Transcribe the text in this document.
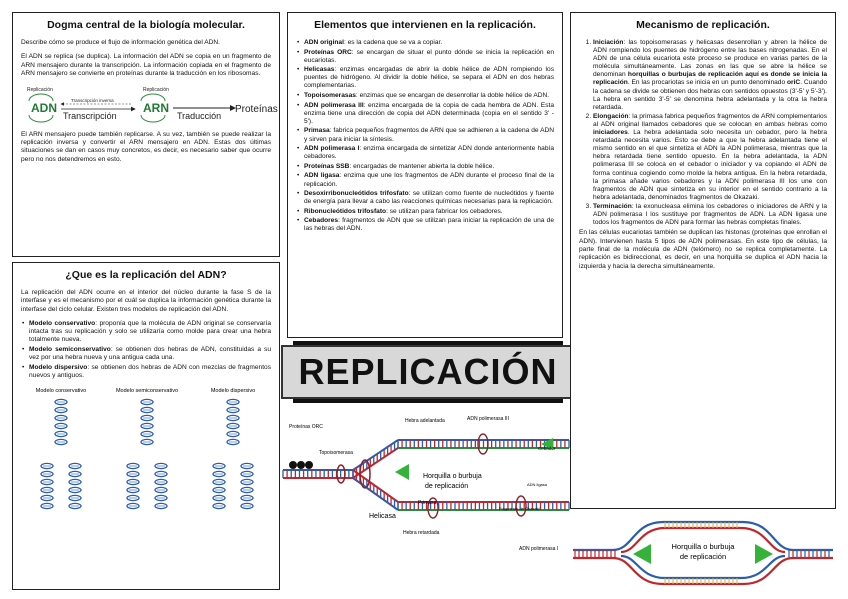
Dogma central de la biología molecular.

Describe cómo se produce el flujo de información genética del ADN.

El ADN se replica (se duplica). La información del ADN se copia en un fragmento de ARN mensajero durante la transcripción. La información copiada en el fragmento de ARN mensajero se convierte en proteínas durante la traducción en los ribosomas.

Replicación	Replicación
ADN
Transcripción inversa
Transcripción
ARN
Traducción
Proteínas

El ARN mensajero puede también replicarse. A su vez, también se puede realizar la replicación inversa y convertir el ARN mensajero en ADN. Estas dos últimas situaciones se dan en casos muy concretos, es decir, es necesario saber que ocurre pero no nos detendremos en esto.

¿Que es la replicación del ADN?

La replicación del ADN ocurre en el interior del núcleo durante la fase S de la interfase y es el mecanismo por el cuál se duplica la información genética durante la interfase del ciclo celular. Existen tres modelos de replicación del ADN.

• Modelo conservativo: proponía que la molécula de ADN original se conservaría intacta tras su replicación y solo se utilizaría como molde para crear una hebra totalmente nueva.
• Modelo semiconservativo: se obtienen dos hebras de ADN, constituidas a su vez por una hebra nueva y una antigua cada una.
• Modelo dispersivo: se obtienen dos hebras de ADN con mezclas de fragmentos nuevos y antiguos.
Modelo conservativo	Modelo semiconservativo	Modelo dispersivo
Elementos que intervienen en la replicación.
• ADN original: es la cadena que se va a copiar.
• Proteínas ORC: se encargan de situar el punto dónde se inicia la replicación en eucariotas.
• Helicasas: enzimas encargadas de abrir la doble hélice de ADN rompiendo los puentes de hidrógeno. Al dividir la doble hélice, se separa el ADN en dos hebras complementarias.
• Topoisomerasas: enzimas que se encargan de desenrollar la doble hélice de ADN.
• ADN polimerasa III: enzima encargada de la copia de cada hembra de ADN. Esta enzima tiene una dirección de copia del ADN determinada (copia en el sentido 3' - 5').
• Primasa: fabrica pequeños fragmentos de ARN que se adhieren a la cadena de ADN y sirven para iniciar la síntesis.
• ADN polimerasa I: enzima encargada de sintetizar ADN donde anteriormente había cebadores.
• Proteínas SSB: encargadas de mantener abierta la doble hélice.
• ADN ligasa: enzima que une los fragmentos de ADN durante el proceso final de la replicación.
• Desoxirribonucleótidos trifosfato: se utilizan como fuente de nucleótidos y fuente de energía para llevar a cabo las reacciones químicas necesarias para la replicación.
• Ribonucleótidos trifosfato: se utilizan para fabricar los cebadores.
• Cebadores: fragmentos de ADN que se utilizan para iniciar la replicación de una de las hebras del ADN.
REPLICACIÓN
Proteínas ORC
Topoisomerasa
Hebra adelantada	ADN polimerasa III
Cebador
Horquilla o burbuja
de replicación
Helicasa
Primasa
Fragmento de Okazaki
ADN ligasa
Hebra retardada
ADN polimerasa I
Mecanismo de replicación.
1. Iniciación: las topoisomerasas y helicasas desenrollan y abren la hélice de ADN rompiendo los puentes de hidrógeno entre las bases nitrogenadas. En el ADN de una célula eucariota este proceso se produce en varias partes de la molécula simultáneamente. Las zonas en las que se abre la hélice se denominan horquillas o burbujas de replicación aquí es donde se inicia la replicación. En las procariotas se inicia en un punto denominado oriC. Cuando la cadena se divide se obtienen dos hebras con sentidos opuestos (3'-5' y 5'-3'). La hebra en sentido 3'-5' se denomina hebra adelantada y la otra la hebra retardada.
2. Elongación: la primasa fabrica pequeños fragmentos de ARN complementarios al ADN original llamados cebadores que se colocan en ambas hebras como iniciadores. La hebra adelantada solo necesita un cebador, pero la hebra retardada necesita varios. Esto se debe a que la hebra adelantada tiene el mismo sentido en el que sintetiza el ADN la ADN polimerasa, mientras que la hebra retardada tiene sentido opuesto. En la hebra adelantada, la ADN polimerasa III se coloca en el cebador o iniciador y va copiando el ADN de forma continua cogiendo como molde la hebra antigua. En la hebra retardada, la primasa añade varios cebadores y la ADN polimerasa III los une con fragmentos de ADN que sintetiza en su interior en el sentido contrario a la hebra adelantada, denominados fragmentos de Okazaki.
3. Terminación: la exonucleasa elimina los cebadores o iniciadores de ARN y la ADN polimerasa I los sustituye por fragmentos de ADN. La ADN ligasa une todos los fragmentos de ADN para formar las hebras completas finales.

En las células eucariotas también se duplican las histonas (proteínas que enrollan el ADN). Intervienen hasta 5 tipos de ADN polimerasas. En este tipo de células, la parte final de la molécula de ADN (telómero) no se replica completamente. La replicación es bidireccional, es decir, en una horquilla se duplica el ADN hacia la izquierda y hacia la derecha simultáneamente.

Horquilla o burbuja
de replicación
